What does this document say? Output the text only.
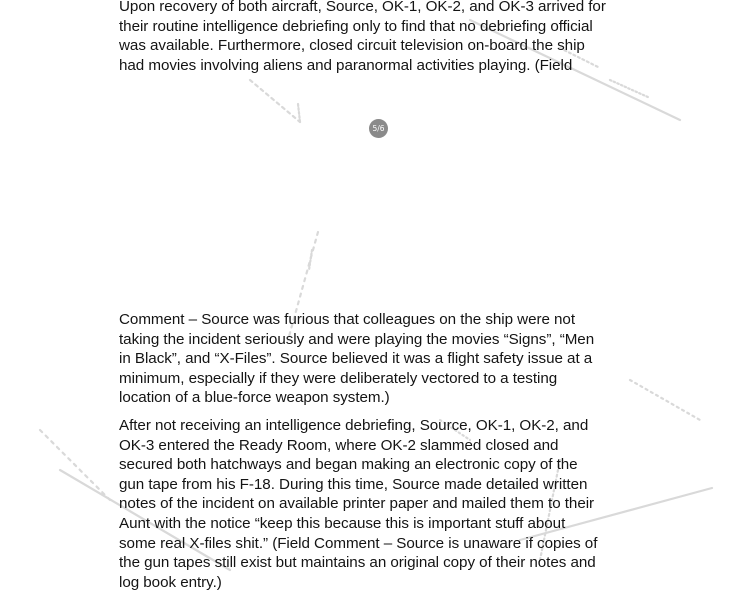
Upon recovery of both aircraft, Source, OK-1, OK-2, and OK-3 arrived for
their routine intelligence debriefing only to find that no debriefing official
was available. Furthermore, closed circuit television on-board the ship
had movies involving aliens and paranormal activities playing. (Field

5/6

Comment – Source was furious that colleagues on the ship were not
taking the incident seriously and were playing the movies “Signs”, “Men
in Black”, and “X-Files”. Source believed it was a flight safety issue at a
minimum, especially if they were deliberately vectored to a testing
location of a blue-force weapon system.)

After not receiving an intelligence debriefing, Source, OK-1, OK-2, and
OK-3 entered the Ready Room, where OK-2 slammed closed and
secured both hatchways and began making an electronic copy of the
gun tape from his F-18. During this time, Source made detailed written
notes of the incident on available printer paper and mailed them to their
Aunt with the notice “keep this because this is important stuff about
some real X-files shit.” (Field Comment – Source is unaware if copies of
the gun tapes still exist but maintains an original copy of their notes and
log book entry.)
